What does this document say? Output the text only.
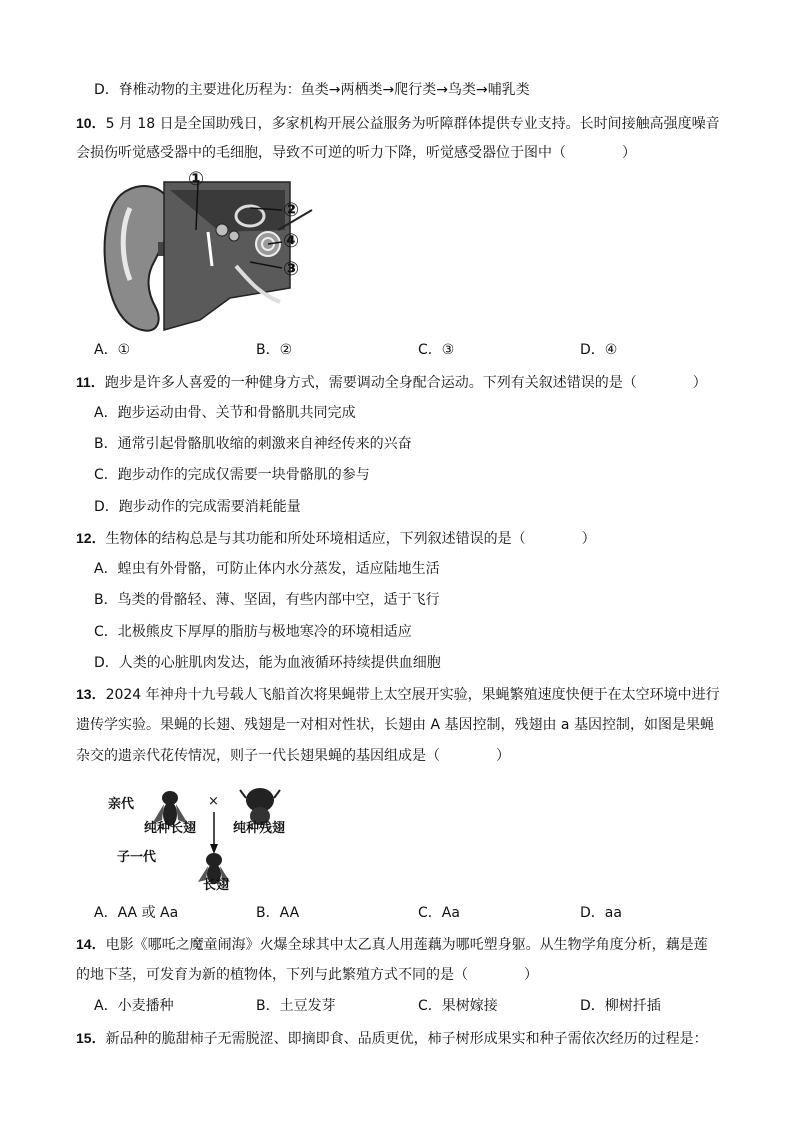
D．脊椎动物的主要进化历程为：鱼类→两栖类→爬行类→鸟类→哺乳类
10．5 月 18 日是全国助残日，多家机构开展公益服务为听障群体提供专业支持。长时间接触高强度噪音
会损伤听觉感受器中的毛细胞，导致不可逆的听力下降，听觉感受器位于图中（　　　　）
①
②
④
③
A．①	B．②	C．③	D．④
11．跑步是许多人喜爱的一种健身方式，需要调动全身配合运动。下列有关叙述错误的是（　　　　）
A．跑步运动由骨、关节和骨骼肌共同完成
B．通常引起骨骼肌收缩的刺激来自神经传来的兴奋
C．跑步动作的完成仅需要一块骨骼肌的参与
D．跑步动作的完成需要消耗能量
12．生物体的结构总是与其功能和所处环境相适应，下列叙述错误的是（　　　　）
A．蝗虫有外骨骼，可防止体内水分蒸发，适应陆地生活
B．鸟类的骨骼轻、薄、坚固，有些内部中空，适于飞行
C．北极熊皮下厚厚的脂肪与极地寒冷的环境相适应
D．人类的心脏肌肉发达，能为血液循环持续提供血细胞
13．2024 年神舟十九号载人飞船首次将果蝇带上太空展开实验，果蝇繁殖速度快便于在太空环境中进行
遗传学实验。果蝇的长翅、残翅是一对相对性状，长翅由 A 基因控制，残翅由 a 基因控制，如图是果蝇
杂交的遗亲代花传情况，则子一代长翅果蝇的基因组成是（　　　　）
亲代	×
纯种长翅	纯种残翅
子一代
长翅
A．AA 或 Aa	B．AA	C．Aa	D．aa
14．电影《哪吒之魔童闹海》火爆全球其中太乙真人用莲藕为哪吒塑身躯。从生物学角度分析，藕是莲
的地下茎，可发育为新的植物体，下列与此繁殖方式不同的是（　　　　）
A．小麦播种	B．土豆发芽	C．果树嫁接	D．柳树扦插
15．新品种的脆甜柿子无需脱涩、即摘即食、品质更优，柿子树形成果实和种子需依次经历的过程是：
